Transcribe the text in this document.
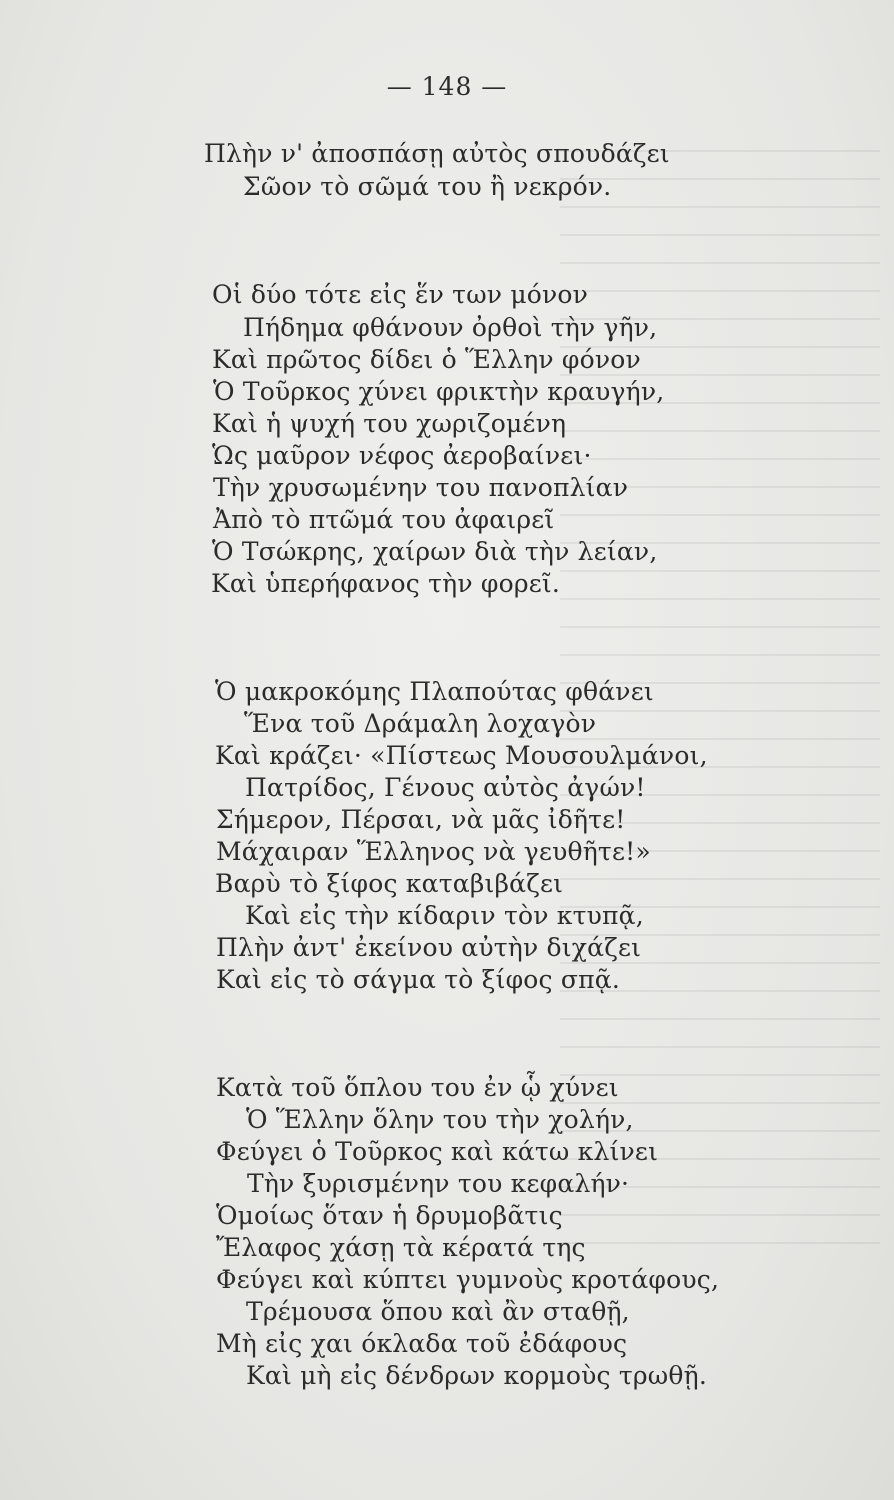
— 148 —
Πλὴν ν' ἀποσπάσῃ αὐτὸς σπουδάζει
Σῶον τὸ σῶμά του ἢ νεκρόν.
Οἱ δύο τότε εἰς ἕν των μόνον
Πήδημα φθάνουν ὀρθοὶ τὴν γῆν,
Καὶ πρῶτος δίδει ὁ Ἕλλην φόνον
Ὁ Τοῦρκος χύνει φρικτὴν κραυγήν,
Καὶ ἡ ψυχή του χωριζομένη
Ὡς μαῦρον νέφος ἀεροβαίνει·
Τὴν χρυσωμένην του πανοπλίαν
Ἀπὸ τὸ πτῶμά του ἀφαιρεῖ
Ὁ Τσώκρης, χαίρων διὰ τὴν λείαν,
Καὶ ὑπερήφανος τὴν φορεῖ.
Ὁ μακροκόμης Πλαπούτας φθάνει
Ἕνα τοῦ Δράμαλη λοχαγὸν
Καὶ κράζει· «Πίστεως Μουσουλμάνοι,
Πατρίδος, Γένους αὐτὸς ἀγών!
Σήμερον, Πέρσαι, νὰ μᾶς ἰδῆτε!
Μάχαιραν Ἕλληνος νὰ γευθῆτε!»
Βαρὺ τὸ ξίφος καταβιβάζει
Καὶ εἰς τὴν κίδαριν τὸν κτυπᾷ,
Πλὴν ἀντ' ἐκείνου αὐτὴν διχάζει
Καὶ εἰς τὸ σάγμα τὸ ξίφος σπᾷ.
Κατὰ τοῦ ὅπλου του ἐν ᾧ χύνει
Ὁ Ἕλλην ὅλην του τὴν χολήν,
Φεύγει ὁ Τοῦρκος καὶ κάτω κλίνει
Τὴν ξυρισμένην του κεφαλήν·
Ὁμοίως ὅταν ἡ δρυμοβᾶτις
Ἔλαφος χάσῃ τὰ κέρατά της
Φεύγει καὶ κύπτει γυμνοὺς κροτάφους,
Τρέμουσα ὅπου καὶ ἂν σταθῇ,
Μὴ εἰς χαι όκλαδα τοῦ ἐδάφους
Καὶ μὴ εἰς δένδρων κορμοὺς τρωθῇ.
